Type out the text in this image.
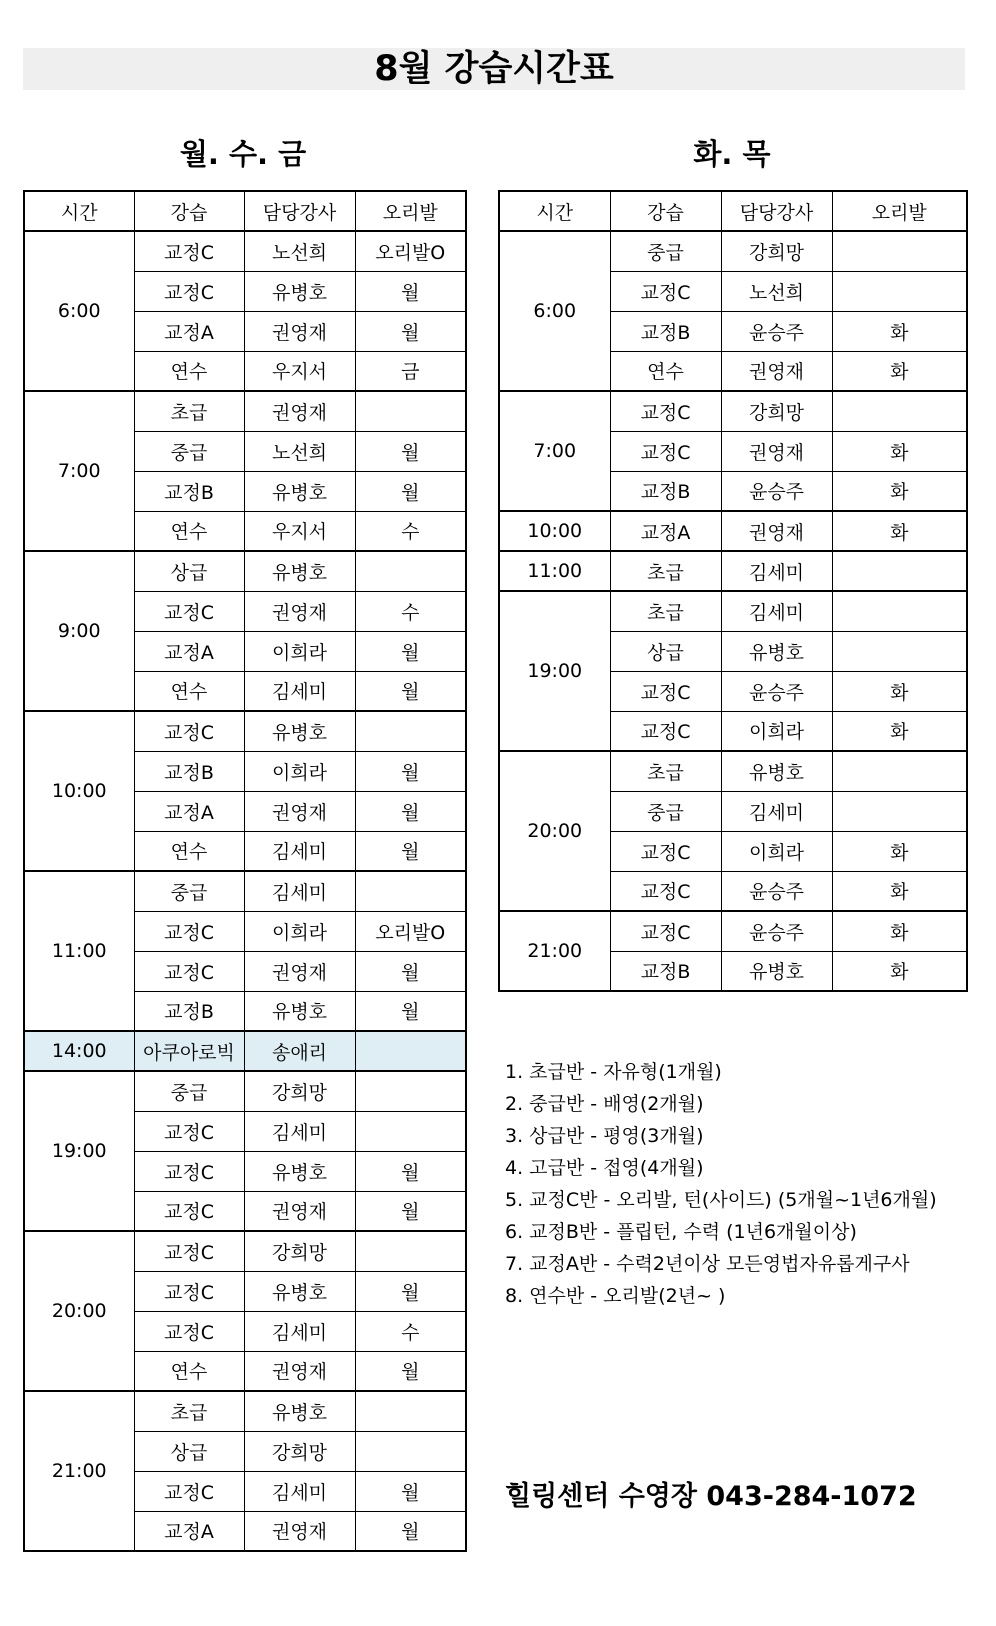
8월 강습시간표
월. 수. 금	화. 목
시간	강습	담당강사	오리발
6:00	교정C	노선희	오리발O
	교정C	유병호	월
	교정A	권영재	월
	연수	우지서	금
7:00	초급	권영재	
	중급	노선희	월
	교정B	유병호	월
	연수	우지서	수
9:00	상급	유병호	
	교정C	권영재	수
	교정A	이희라	월
	연수	김세미	월
10:00	교정C	유병호	
	교정B	이희라	월
	교정A	권영재	월
	연수	김세미	월
11:00	중급	김세미	
	교정C	이희라	오리발O
	교정C	권영재	월
	교정B	유병호	월
14:00	아쿠아로빅	송애리	
19:00	중급	강희망	
	교정C	김세미	
	교정C	유병호	월
	교정C	권영재	월
20:00	교정C	강희망	
	교정C	유병호	월
	교정C	김세미	수
	연수	권영재	월
21:00	초급	유병호	
	상급	강희망	
	교정C	김세미	월
	교정A	권영재	월
시간	강습	담당강사	오리발
6:00	중급	강희망	
	교정C	노선희	
	교정B	윤승주	화
	연수	권영재	화
7:00	교정C	강희망	
	교정C	권영재	화
	교정B	윤승주	화
10:00	교정A	권영재	화
11:00	초급	김세미	
19:00	초급	김세미	
	상급	유병호	
	교정C	윤승주	화
	교정C	이희라	화
20:00	초급	유병호	
	중급	김세미	
	교정C	이희라	화
	교정C	윤승주	화
21:00	교정C	윤승주	화
	교정B	유병호	화
1. 초급반 - 자유형(1개월)
2. 중급반 - 배영(2개월)
3. 상급반 - 평영(3개월)
4. 고급반 - 접영(4개월)
5. 교정C반 - 오리발, 턴(사이드) (5개월~1년6개월)
6. 교정B반 - 플립턴, 수력 (1년6개월이상)
7. 교정A반 - 수력2년이상 모든영법자유롭게구사
8. 연수반 - 오리발(2년~ )
힐링센터 수영장 043-284-1072
